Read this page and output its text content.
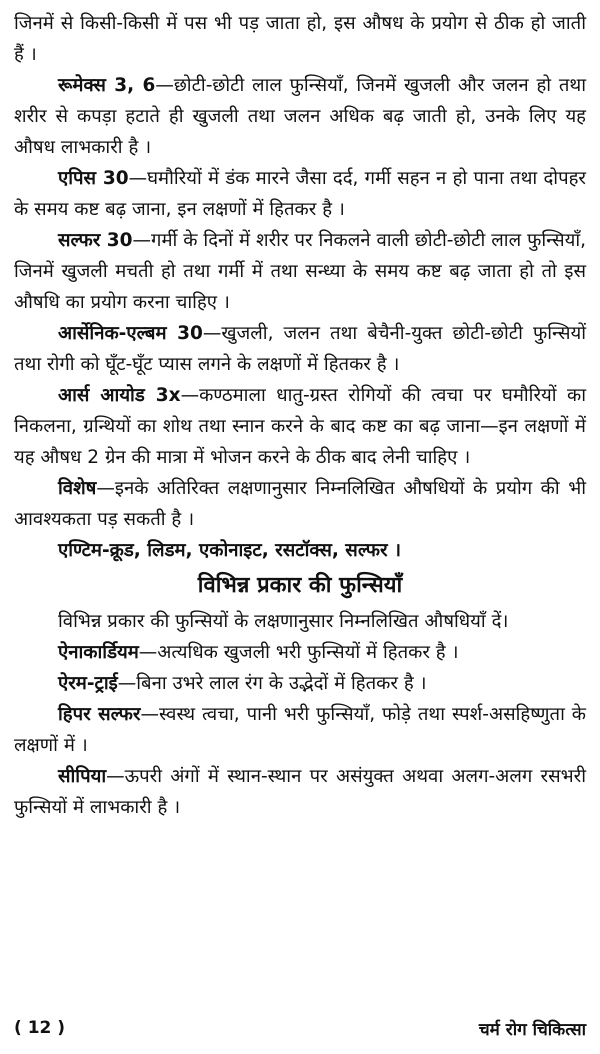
जिनमें से किसी-किसी में पस भी पड़ जाता हो, इस औषध के प्रयोग से ठीक हो जाती हैं ।

रूमेक्स 3, 6—छोटी-छोटी लाल फुन्सियाँ, जिनमें खुजली और जलन हो तथा शरीर से कपड़ा हटाते ही खुजली तथा जलन अधिक बढ़ जाती हो, उनके लिए यह औषध लाभकारी है ।

एपिस 30—घमौरियों में डंक मारने जैसा दर्द, गर्मी सहन न हो पाना तथा दोपहर के समय कष्ट बढ़ जाना, इन लक्षणों में हितकर है ।

सल्फर 30—गर्मी के दिनों में शरीर पर निकलने वाली छोटी-छोटी लाल फुन्सियाँ, जिनमें खुजली मचती हो तथा गर्मी में तथा सन्ध्या के समय कष्ट बढ़ जाता हो तो इस औषधि का प्रयोग करना चाहिए ।

आर्सेनिक-एल्बम 30—खुजली, जलन तथा बेचैनी-युक्त छोटी-छोटी फुन्सियों तथा रोगी को घूँट-घूँट प्यास लगने के लक्षणों में हितकर है ।

आर्स आयोड 3x—कण्ठमाला धातु-ग्रस्त रोगियों की त्वचा पर घमौरियों का निकलना, ग्रन्थियों का शोथ तथा स्नान करने के बाद कष्ट का बढ़ जाना—इन लक्षणों में यह औषध 2 ग्रेन की मात्रा में भोजन करने के ठीक बाद लेनी चाहिए ।

विशेष—इनके अतिरिक्त लक्षणानुसार निम्नलिखित औषधियों के प्रयोग की भी आवश्यकता पड़ सकती है ।

एण्टिम-क्रूड, लिडम, एकोनाइट, रसटॉक्स, सल्फर ।

विभिन्न प्रकार की फुन्सियाँ

विभिन्न प्रकार की फुन्सियों के लक्षणानुसार निम्नलिखित औषधियाँ दें।

ऐनाकार्डियम—अत्यधिक खुजली भरी फुन्सियों में हितकर है ।

ऐरम-ट्राई—बिना उभरे लाल रंग के उद्भेदों में हितकर है ।

हिपर सल्फर—स्वस्थ त्वचा, पानी भरी फुन्सियाँ, फोड़े तथा स्पर्श-असहिष्णुता के लक्षणों में ।

सीपिया—ऊपरी अंगों में स्थान-स्थान पर असंयुक्त अथवा अलग-अलग रसभरी फुन्सियों में लाभकारी है ।

( 12 )	चर्म रोग चिकित्सा
